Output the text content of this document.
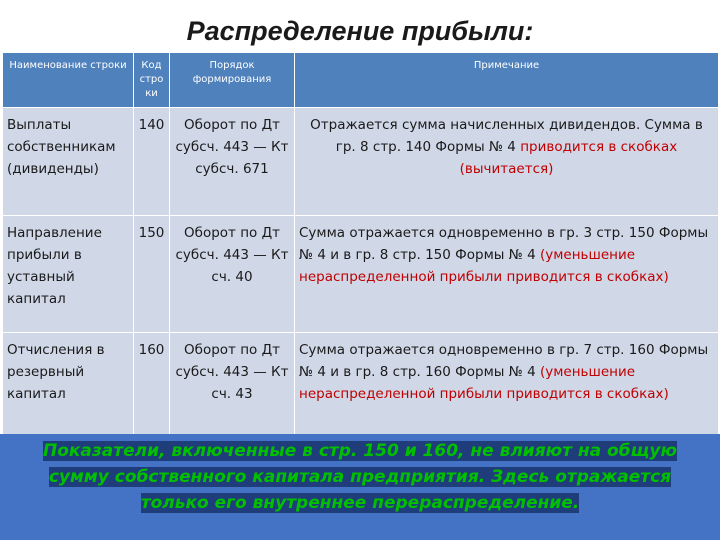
Распределение прибыли:
Наименование строки	Код стро ки	Порядок формирования	Примечание
Выплаты собственникам (дивиденды)	140	Оборот по Дт субсч. 443 — Кт субсч. 671	Отражается сумма начисленных дивидендов. Сумма в гр. 8 стр. 140 Формы № 4 приводится в скобках (вычитается)
Направление прибыли в уставный капитал	150	Оборот по Дт субсч. 443 — Кт сч. 40	Сумма отражается одновременно в гр. 3 стр. 150 Формы № 4 и в гр. 8 стр. 150 Формы № 4 (уменьшение нераспределенной прибыли приводится в скобках)
Отчисления в резервный капитал	160	Оборот по Дт субсч. 443 — Кт сч. 43	Сумма отражается одновременно в гр. 7 стр. 160 Формы № 4 и в гр. 8 стр. 160 Формы № 4 (уменьшение нераспределенной прибыли приводится в скобках)
Показатели, включенные в стр. 150 и 160, не влияют на общую сумму собственного капитала предприятия. Здесь отражается только его внутреннее перераспределение.
